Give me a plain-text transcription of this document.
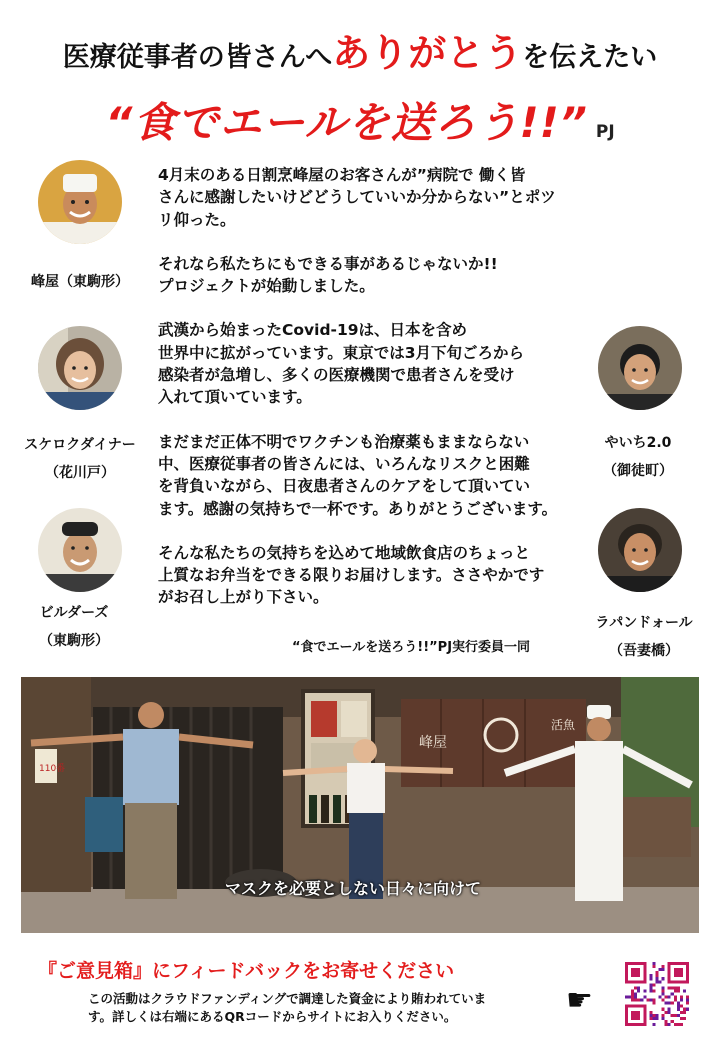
医療従事者の皆さんへありがとうを伝えたい
“食でエールを送ろう!!” PJ
峰屋（東駒形）
スケロクダイナー
（花川戸）
ビルダーズ
（東駒形）
やいち2.0
（御徒町）
ラパンドォール
（吾妻橋）

4月末のある日割烹峰屋のお客さんが”病院で 働く皆
さんに感謝したいけどどうしていいか分からない”とポツ
リ仰った。

それなら私たちにもできる事があるじゃないか!!
プロジェクトが始動しました。

武漢から始まったCovid-19は、日本を含め
世界中に拡がっています。東京では3月下旬ごろから
感染者が急増し、多くの医療機関で患者さんを受け
入れて頂いています。

まだまだ正体不明でワクチンも治療薬もままならない
中、医療従事者の皆さんには、いろんなリスクと困難
を背負いながら、日夜患者さんのケアをして頂いてい
ます。感謝の気持ちで一杯です。ありがとうございます。

そんな私たちの気持ちを込めて地域飲食店のちょっと
上質なお弁当をできる限りお届けします。ささやかです
がお召し上がり下さい。

“食でエールを送ろう!!”PJ実行委員一同
峰屋
活魚
110番
マスクを必要としない日々に向けて
『ご意見箱』にフィードバックをお寄せください
この活動はクラウドファンディングで調達した資金により賄われていま
す。詳しくは右端にあるQRコードからサイトにお入りください。	☛
